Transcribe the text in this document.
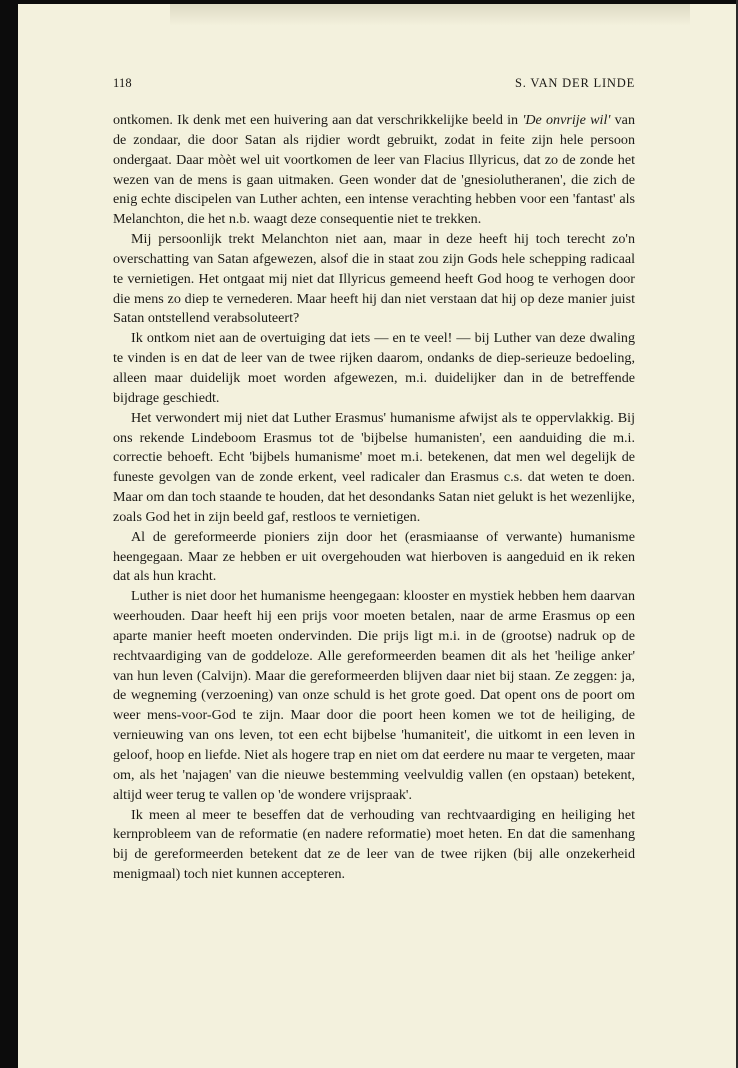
118	S. VAN DER LINDE

ontkomen. Ik denk met een huivering aan dat verschrikkelijke beeld in 'De onvrije wil' van de zondaar, die door Satan als rijdier wordt gebruikt, zodat in feite zijn hele persoon ondergaat. Daar mòèt wel uit voortkomen de leer van Flacius Illyricus, dat zo de zonde het wezen van de mens is gaan uitmaken. Geen wonder dat de 'gnesiolutheranen', die zich de enig echte discipelen van Luther achten, een intense verachting hebben voor een 'fantast' als Melanchton, die het n.b. waagt deze consequentie niet te trekken.

Mij persoonlijk trekt Melanchton niet aan, maar in deze heeft hij toch terecht zo'n overschatting van Satan afgewezen, alsof die in staat zou zijn Gods hele schepping radicaal te vernietigen. Het ontgaat mij niet dat Illyricus gemeend heeft God hoog te verhogen door die mens zo diep te vernederen. Maar heeft hij dan niet verstaan dat hij op deze manier juist Satan ontstellend verabsoluteert?

Ik ontkom niet aan de overtuiging dat iets — en te veel! — bij Luther van deze dwaling te vinden is en dat de leer van de twee rijken daarom, ondanks de diep-serieuze bedoeling, alleen maar duidelijk moet worden afgewezen, m.i. duidelijker dan in de betreffende bijdrage geschiedt.

Het verwondert mij niet dat Luther Erasmus' humanisme afwijst als te oppervlakkig. Bij ons rekende Lindeboom Erasmus tot de 'bijbelse humanisten', een aanduiding die m.i. correctie behoeft. Echt 'bijbels humanisme' moet m.i. betekenen, dat men wel degelijk de funeste gevolgen van de zonde erkent, veel radicaler dan Erasmus c.s. dat weten te doen. Maar om dan toch staande te houden, dat het desondanks Satan niet gelukt is het wezenlijke, zoals God het in zijn beeld gaf, restloos te vernietigen.

Al de gereformeerde pioniers zijn door het (erasmiaanse of verwante) humanisme heengegaan. Maar ze hebben er uit overgehouden wat hierboven is aangeduid en ik reken dat als hun kracht.

Luther is niet door het humanisme heengegaan: klooster en mystiek hebben hem daarvan weerhouden. Daar heeft hij een prijs voor moeten betalen, naar de arme Erasmus op een aparte manier heeft moeten ondervinden. Die prijs ligt m.i. in de (grootse) nadruk op de rechtvaardiging van de goddeloze. Alle gereformeerden beamen dit als het 'heilige anker' van hun leven (Calvijn). Maar die gereformeerden blijven daar niet bij staan. Ze zeggen: ja, de wegneming (verzoening) van onze schuld is het grote goed. Dat opent ons de poort om weer mens-voor-God te zijn. Maar door die poort heen komen we tot de heiliging, de vernieuwing van ons leven, tot een echt bijbelse 'humaniteit', die uitkomt in een leven in geloof, hoop en liefde. Niet als hogere trap en niet om dat eerdere nu maar te vergeten, maar om, als het 'najagen' van die nieuwe bestemming veelvuldig vallen (en opstaan) betekent, altijd weer terug te vallen op 'de wondere vrijspraak'.

Ik meen al meer te beseffen dat de verhouding van rechtvaardiging en heiliging het kernprobleem van de reformatie (en nadere reformatie) moet heten. En dat die samenhang bij de gereformeerden betekent dat ze de leer van de twee rijken (bij alle onzekerheid menigmaal) toch niet kunnen accepteren.
